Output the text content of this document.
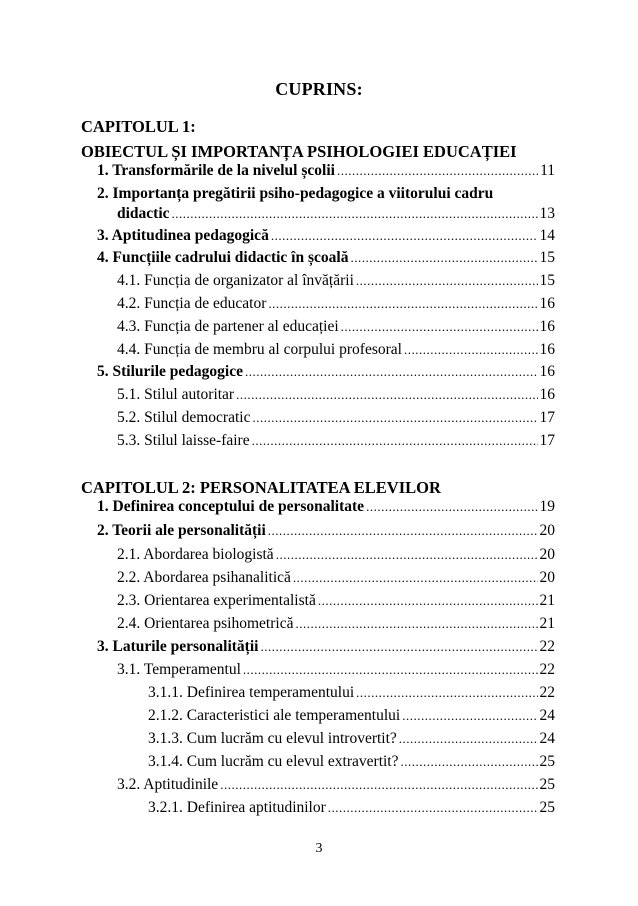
CUPRINS:
CAPITOLUL 1:
OBIECTUL ȘI IMPORTANȚA PSIHOLOGIEI EDUCAȚIEI
1. Transformările de la nivelul școlii .....	11
2. Importanța pregătirii psiho-pedagogice a viitorului cadru
didactic .....	13
3. Aptitudinea pedagogică .....	14
4. Funcțiile cadrului didactic în școală .....	15
4.1. Funcția de organizator al învățării .....	15
4.2. Funcția de educator .....	16
4.3. Funcția de partener al educației .....	16
4.4. Funcția de membru al corpului profesoral .....	16
5. Stilurile pedagogice .....	16
5.1. Stilul autoritar .....	16
5.2. Stilul democratic .....	17
5.3. Stilul laisse-faire .....	17
CAPITOLUL 2: PERSONALITATEA ELEVILOR
1. Definirea conceptului de personalitate .....	19
2. Teorii ale personalității .....	20
2.1. Abordarea biologistă .....	20
2.2. Abordarea psihanalitică .....	20
2.3. Orientarea experimentalistă .....	21
2.4. Orientarea psihometrică .....	21
3. Laturile personalității .....	22
3.1. Temperamentul .....	22
3.1.1. Definirea temperamentului .....	22
2.1.2. Caracteristici ale temperamentului .....	24
3.1.3. Cum lucrăm cu elevul introvertit? .....	24
3.1.4. Cum lucrăm cu elevul extravertit? .....	25
3.2. Aptitudinile .....	25
3.2.1. Definirea aptitudinilor .....	25
3
